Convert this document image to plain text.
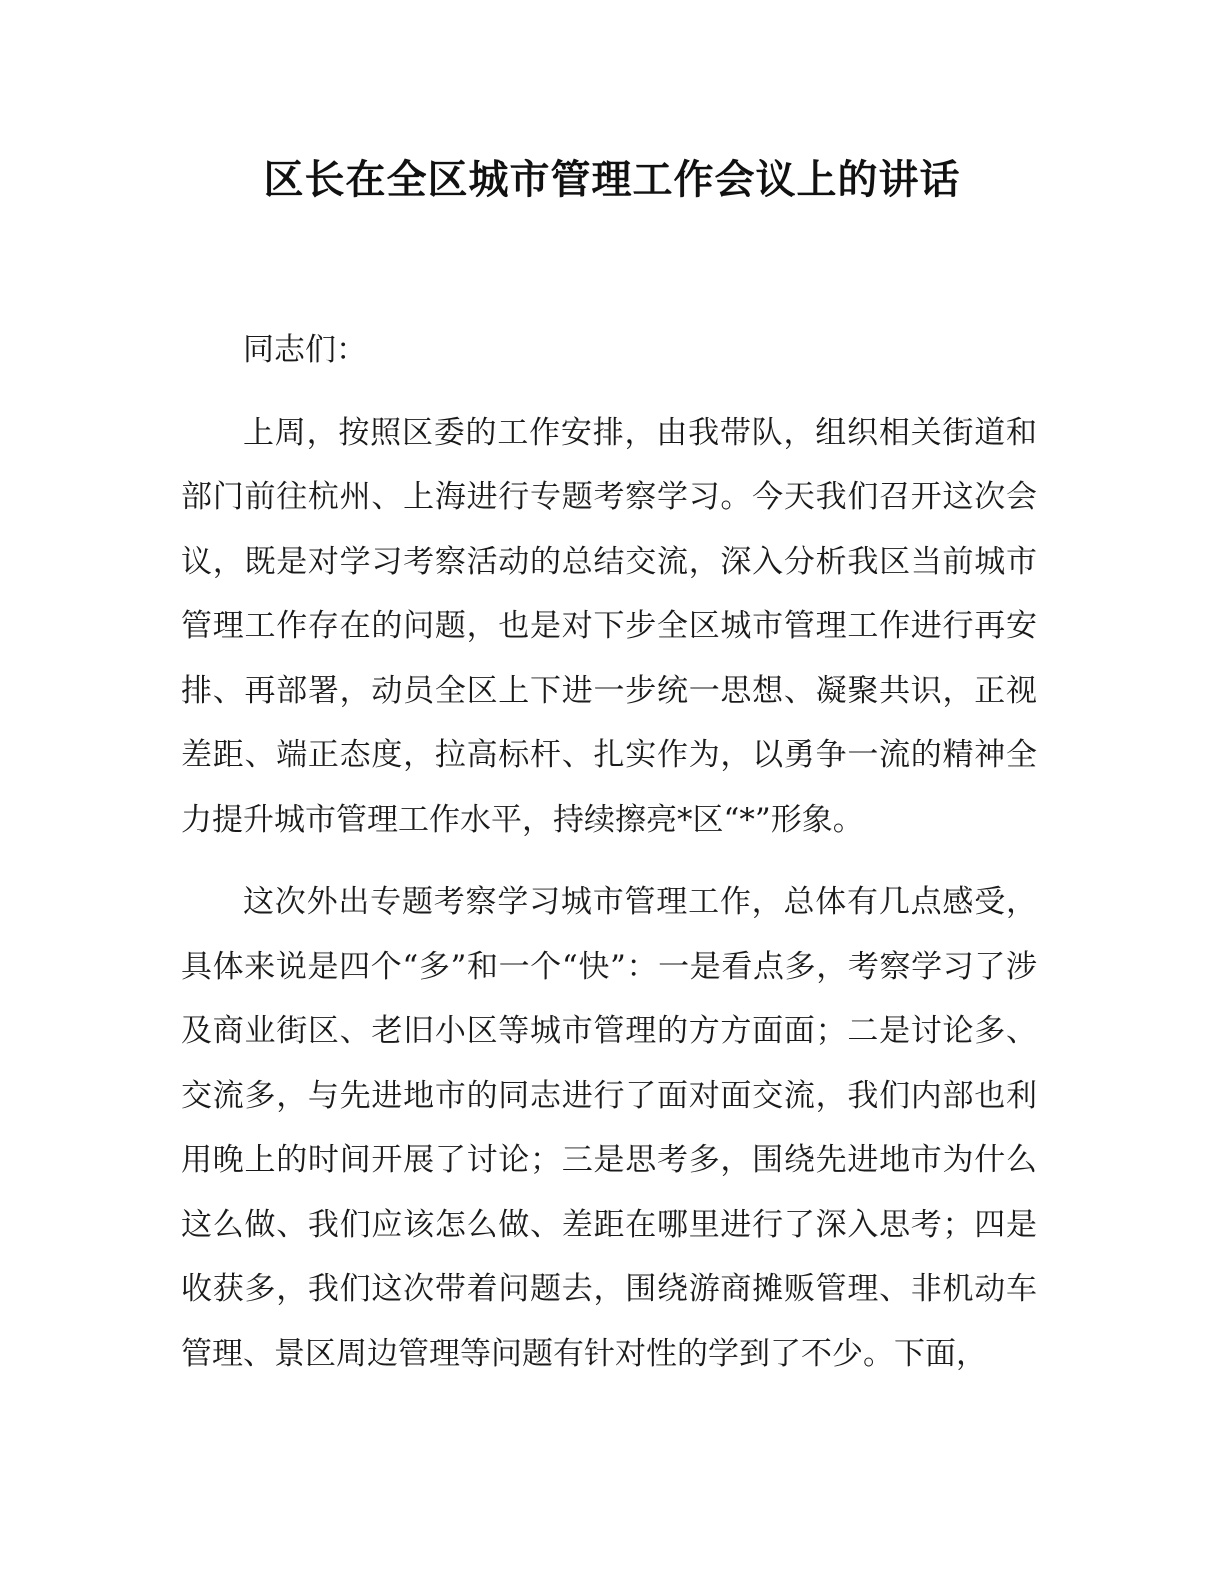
区长在全区城市管理工作会议上的讲话

同志们：

上周，按照区委的工作安排，由我带队，组织相关街道和部门前往杭州、上海进行专题考察学习。今天我们召开这次会议，既是对学习考察活动的总结交流，深入分析我区当前城市管理工作存在的问题，也是对下步全区城市管理工作进行再安排、再部署，动员全区上下进一步统一思想、凝聚共识，正视差距、端正态度，拉高标杆、扎实作为，以勇争一流的精神全力提升城市管理工作水平，持续擦亮*区“*”形象。

这次外出专题考察学习城市管理工作，总体有几点感受，具体来说是四个“多”和一个“快”：一是看点多，考察学习了涉及商业街区、老旧小区等城市管理的方方面面；二是讨论多、交流多，与先进地市的同志进行了面对面交流，我们内部也利用晚上的时间开展了讨论；三是思考多，围绕先进地市为什么这么做、我们应该怎么做、差距在哪里进行了深入思考；四是收获多，我们这次带着问题去，围绕游商摊贩管理、非机动车管理、景区周边管理等问题有针对性的学到了不少。下面，
